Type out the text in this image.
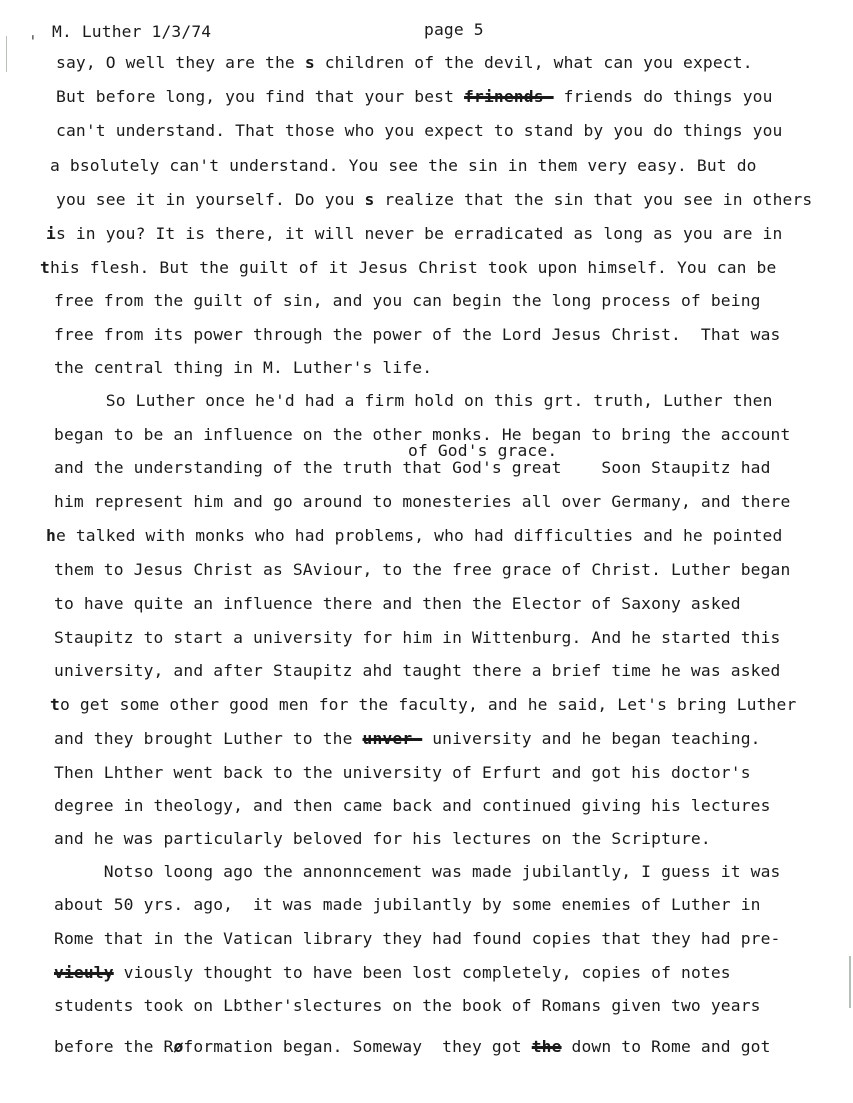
ˌ M. Luther 1/3/74	page 5
say, O well they are the s children of the devil, what can you expect.
But before long, you find that your best frinends- friends do things you
can't understand. That those who you expect to stand by you do things you
a bsolutely can't understand. You see the sin in them very easy. But do
you see it in yourself. Do you s realize that the sin that you see in others
is in you? It is there, it will never be erradicated as long as you are in
this flesh. But the guilt of it Jesus Christ took upon himself. You can be
free from the guilt of sin, and you can begin the long process of being
free from its power through the power of the Lord Jesus Christ.  That was
the central thing in M. Luther's life.
So Luther once he'd had a firm hold on this grt. truth, Luther then
began to be an influence on the other monks. He began to bring the account
of God's grace.
and the understanding of the truth that God's great    Soon Staupitz had
him represent him and go around to monesteries all over Germany, and there
he talked with monks who had problems, who had difficulties and he pointed
them to Jesus Christ as SAviour, to the free grace of Christ. Luther began
to have quite an influence there and then the Elector of Saxony asked
Staupitz to start a university for him in Wittenburg. And he started this
university, and after Staupitz ahd taught there a brief time he was asked
to get some other good men for the faculty, and he said, Let's bring Luther
and they brought Luther to the unver- university and he began teaching.
Then Lhther went back to the university of Erfurt and got his doctor's
degree in theology, and then came back and continued giving his lectures
and he was particularly beloved for his lectures on the Scripture.
Notso loong ago the annonncement was made jubilantly, I guess it was
about 50 yrs. ago,  it was made jubilantly by some enemies of Luther in
Rome that in the Vatican library they had found copies that they had pre-
vieuly viously thought to have been lost completely, copies of notes
students took on Lbther'slectures on the book of Romans given two years
before the Røformation began. Someway  they got the down to Rome and got
